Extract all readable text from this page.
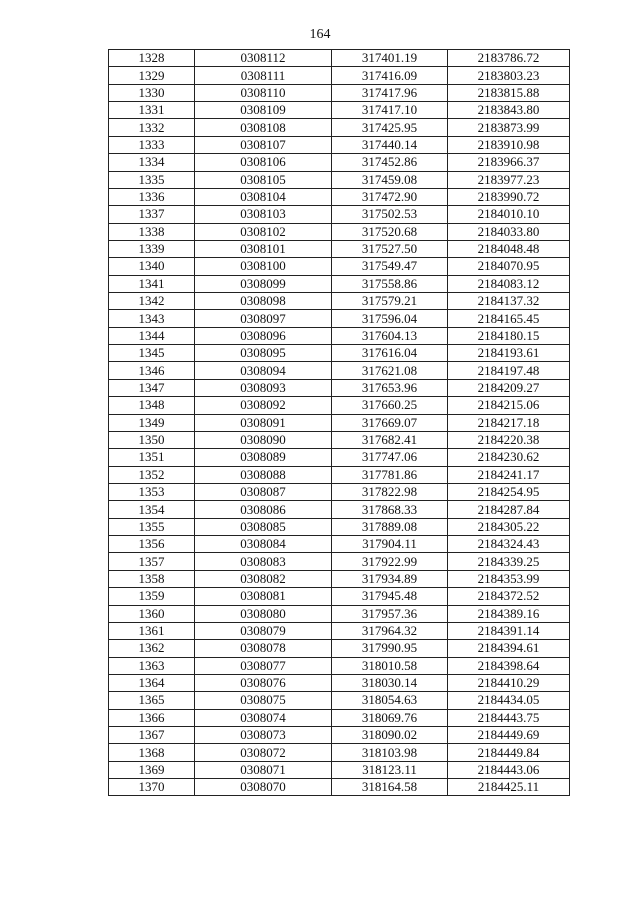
164
1328	0308112	317401.19	2183786.72
1329	0308111	317416.09	2183803.23
1330	0308110	317417.96	2183815.88
1331	0308109	317417.10	2183843.80
1332	0308108	317425.95	2183873.99
1333	0308107	317440.14	2183910.98
1334	0308106	317452.86	2183966.37
1335	0308105	317459.08	2183977.23
1336	0308104	317472.90	2183990.72
1337	0308103	317502.53	2184010.10
1338	0308102	317520.68	2184033.80
1339	0308101	317527.50	2184048.48
1340	0308100	317549.47	2184070.95
1341	0308099	317558.86	2184083.12
1342	0308098	317579.21	2184137.32
1343	0308097	317596.04	2184165.45
1344	0308096	317604.13	2184180.15
1345	0308095	317616.04	2184193.61
1346	0308094	317621.08	2184197.48
1347	0308093	317653.96	2184209.27
1348	0308092	317660.25	2184215.06
1349	0308091	317669.07	2184217.18
1350	0308090	317682.41	2184220.38
1351	0308089	317747.06	2184230.62
1352	0308088	317781.86	2184241.17
1353	0308087	317822.98	2184254.95
1354	0308086	317868.33	2184287.84
1355	0308085	317889.08	2184305.22
1356	0308084	317904.11	2184324.43
1357	0308083	317922.99	2184339.25
1358	0308082	317934.89	2184353.99
1359	0308081	317945.48	2184372.52
1360	0308080	317957.36	2184389.16
1361	0308079	317964.32	2184391.14
1362	0308078	317990.95	2184394.61
1363	0308077	318010.58	2184398.64
1364	0308076	318030.14	2184410.29
1365	0308075	318054.63	2184434.05
1366	0308074	318069.76	2184443.75
1367	0308073	318090.02	2184449.69
1368	0308072	318103.98	2184449.84
1369	0308071	318123.11	2184443.06
1370	0308070	318164.58	2184425.11
